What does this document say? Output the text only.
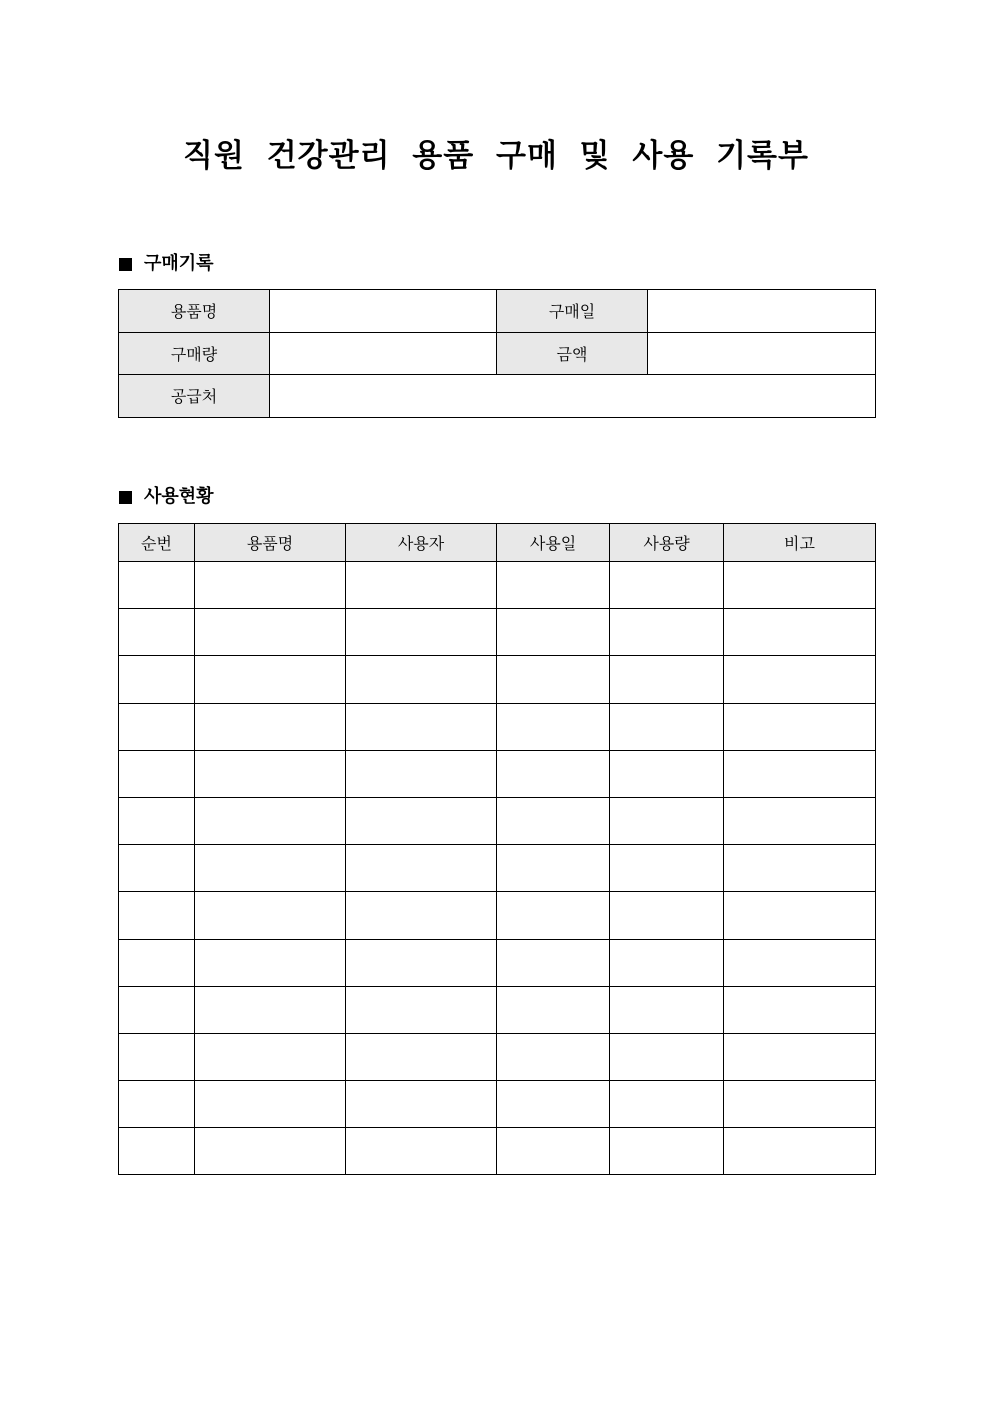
직원 건강관리 용품 구매 및 사용 기록부
구매기록
용품명		구매일	
구매량		금액	
공급처			
사용현황
순번	용품명	사용자	사용일	사용량	비고
